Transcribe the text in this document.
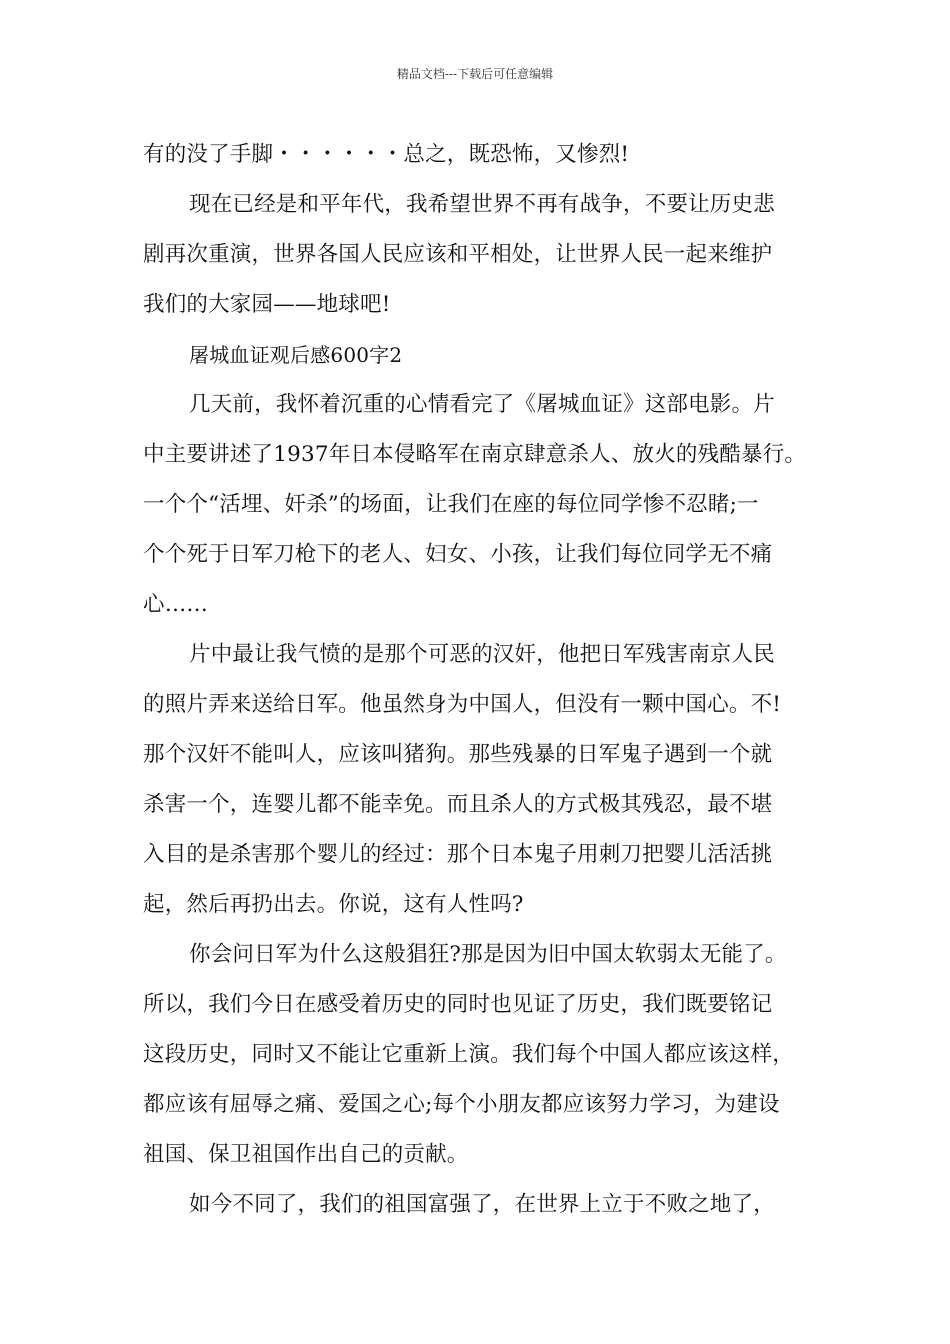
精品文档---下载后可任意编辑
有的没了手脚・・・・・・总之，既恐怖，又惨烈!
现在已经是和平年代，我希望世界不再有战争，不要让历史悲
剧再次重演，世界各国人民应该和平相处，让世界人民一起来维护
我们的大家园——地球吧!
屠城血证观后感600字2
几天前，我怀着沉重的心情看完了《屠城血证》这部电影。片
中主要讲述了1937年日本侵略军在南京肆意杀人、放火的残酷暴行。
一个个“活埋、奸杀”的场面，让我们在座的每位同学惨不忍睹;一
个个死于日军刀枪下的老人、妇女、小孩，让我们每位同学无不痛
心……
片中最让我气愤的是那个可恶的汉奸，他把日军残害南京人民
的照片弄来送给日军。他虽然身为中国人，但没有一颗中国心。不!
那个汉奸不能叫人，应该叫猪狗。那些残暴的日军鬼子遇到一个就
杀害一个，连婴儿都不能幸免。而且杀人的方式极其残忍，最不堪
入目的是杀害那个婴儿的经过：那个日本鬼子用刺刀把婴儿活活挑
起，然后再扔出去。你说，这有人性吗?
你会问日军为什么这般猖狂?那是因为旧中国太软弱太无能了。
所以，我们今日在感受着历史的同时也见证了历史，我们既要铭记
这段历史，同时又不能让它重新上演。我们每个中国人都应该这样，
都应该有屈辱之痛、爱国之心;每个小朋友都应该努力学习，为建设
祖国、保卫祖国作出自己的贡献。
如今不同了，我们的祖国富强了，在世界上立于不败之地了，
